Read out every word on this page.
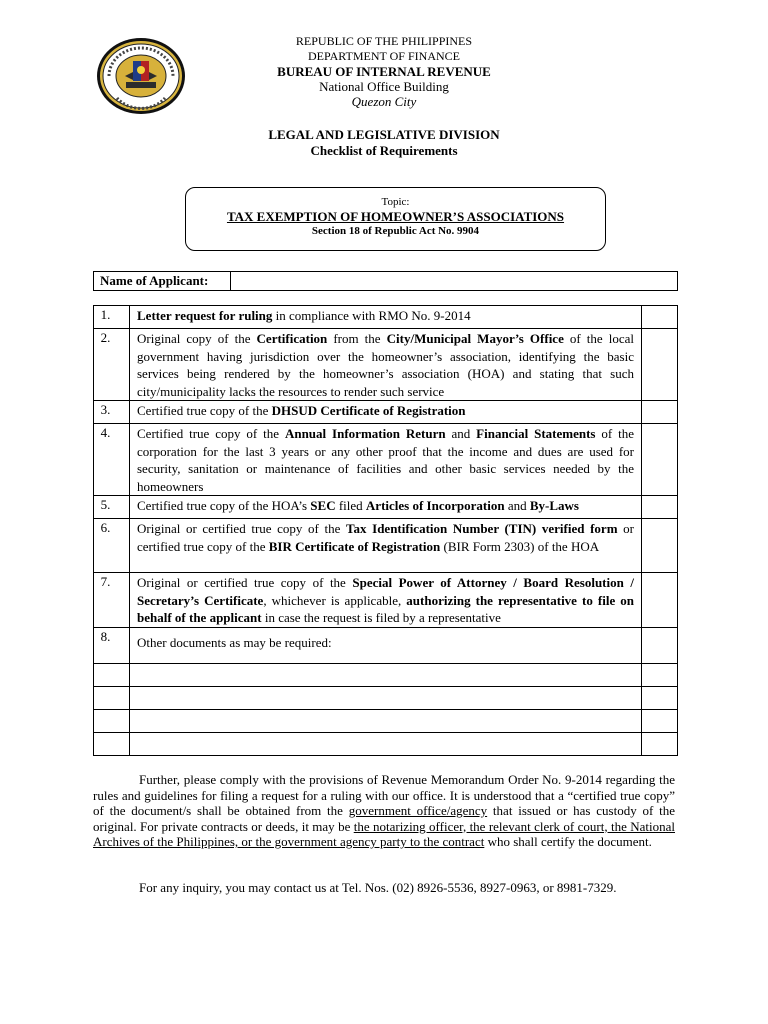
REPUBLIC OF THE PHILIPPINES
DEPARTMENT OF FINANCE
BUREAU OF INTERNAL REVENUE
National Office Building
Quezon City
LEGAL AND LEGISLATIVE DIVISION
Checklist of Requirements
Topic:
TAX EXEMPTION OF HOMEOWNER’S ASSOCIATIONS
Section 18 of Republic Act No. 9904
Name of Applicant:
1.	Letter request for ruling in compliance with RMO No. 9-2014	
2.	Original copy of the Certification from the City/Municipal Mayor’s Office of the local government having jurisdiction over the homeowner’s association, identifying the basic services being rendered by the homeowner’s association (HOA) and stating that such city/municipality lacks the resources to render such service	
3.	Certified true copy of the DHSUD Certificate of Registration	
4.	Certified true copy of the Annual Information Return and Financial Statements of the corporation for the last 3 years or any other proof that the income and dues are used for security, sanitation or maintenance of facilities and other basic services needed by the homeowners	
5.	Certified true copy of the HOA’s SEC filed Articles of Incorporation and By-Laws	
6.	Original or certified true copy of the Tax Identification Number (TIN) verified form or certified true copy of the BIR Certificate of Registration (BIR Form 2303) of the HOA	
7.	Original or certified true copy of the Special Power of Attorney / Board Resolution / Secretary’s Certificate, whichever is applicable, authorizing the representative to file on behalf of the applicant in case the request is filed by a representative	
8.	Other documents as may be required:	

Further, please comply with the provisions of Revenue Memorandum Order No. 9-2014 regarding the rules and guidelines for filing a request for a ruling with our office. It is understood that a “certified true copy” of the document/s shall be obtained from the government office/agency that issued or has custody of the original. For private contracts or deeds, it may be the notarizing officer, the relevant clerk of court, the National Archives of the Philippines, or the government agency party to the contract who shall certify the document.
For any inquiry, you may contact us at Tel. Nos. (02) 8926-5536, 8927-0963, or 8981-7329.
